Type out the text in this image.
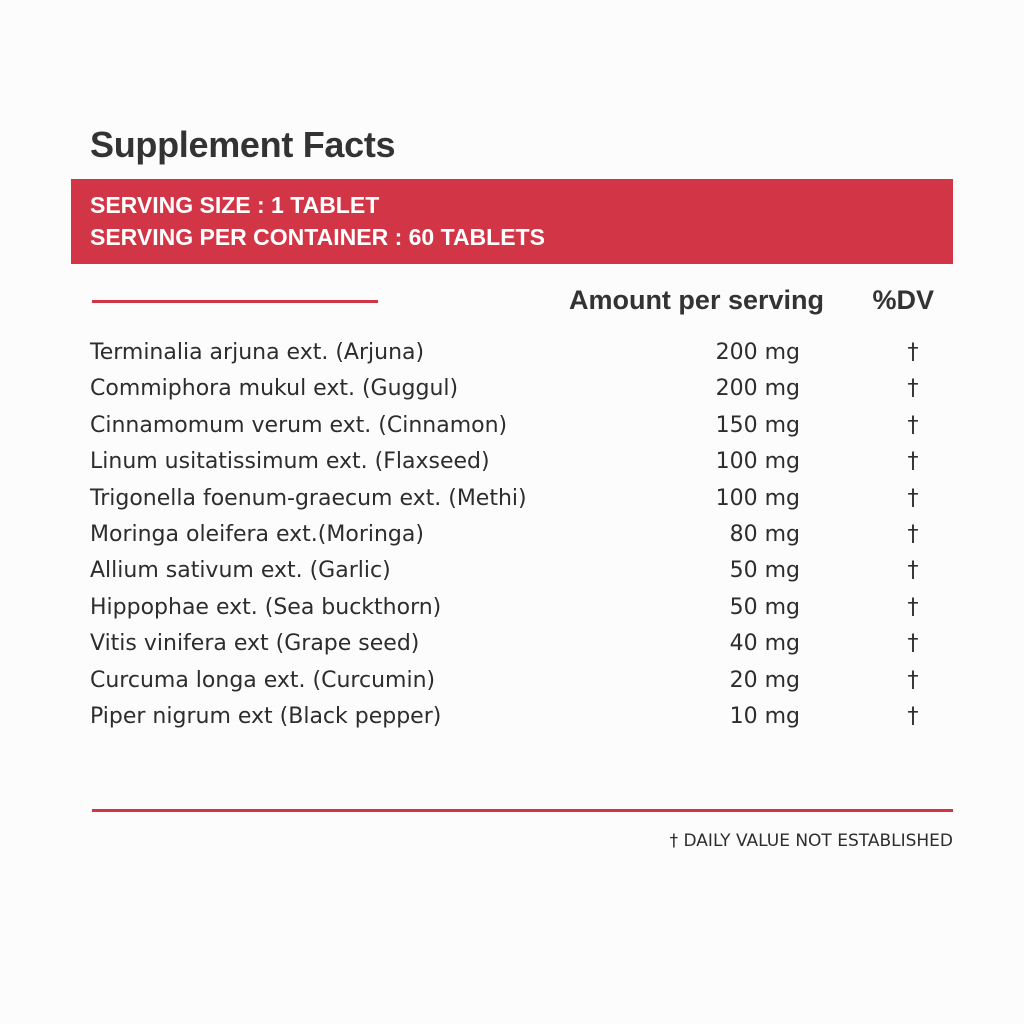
Supplement Facts
SERVING SIZE : 1 TABLET
SERVING PER CONTAINER : 60 TABLETS
Amount per serving %DV
Terminalia arjuna ext. (Arjuna)	200 mg	†
Commiphora mukul ext. (Guggul)	200 mg	†
Cinnamomum verum ext. (Cinnamon)	150 mg	†
Linum usitatissimum ext. (Flaxseed)	100 mg	†
Trigonella foenum-graecum ext. (Methi)	100 mg	†
Moringa oleifera ext.(Moringa)	80 mg	†
Allium sativum ext. (Garlic)	50 mg	†
Hippophae ext. (Sea buckthorn)	50 mg	†
Vitis vinifera ext (Grape seed)	40 mg	†
Curcuma longa ext. (Curcumin)	20 mg	†
Piper nigrum ext (Black pepper)	10 mg	†
† DAILY VALUE NOT ESTABLISHED
